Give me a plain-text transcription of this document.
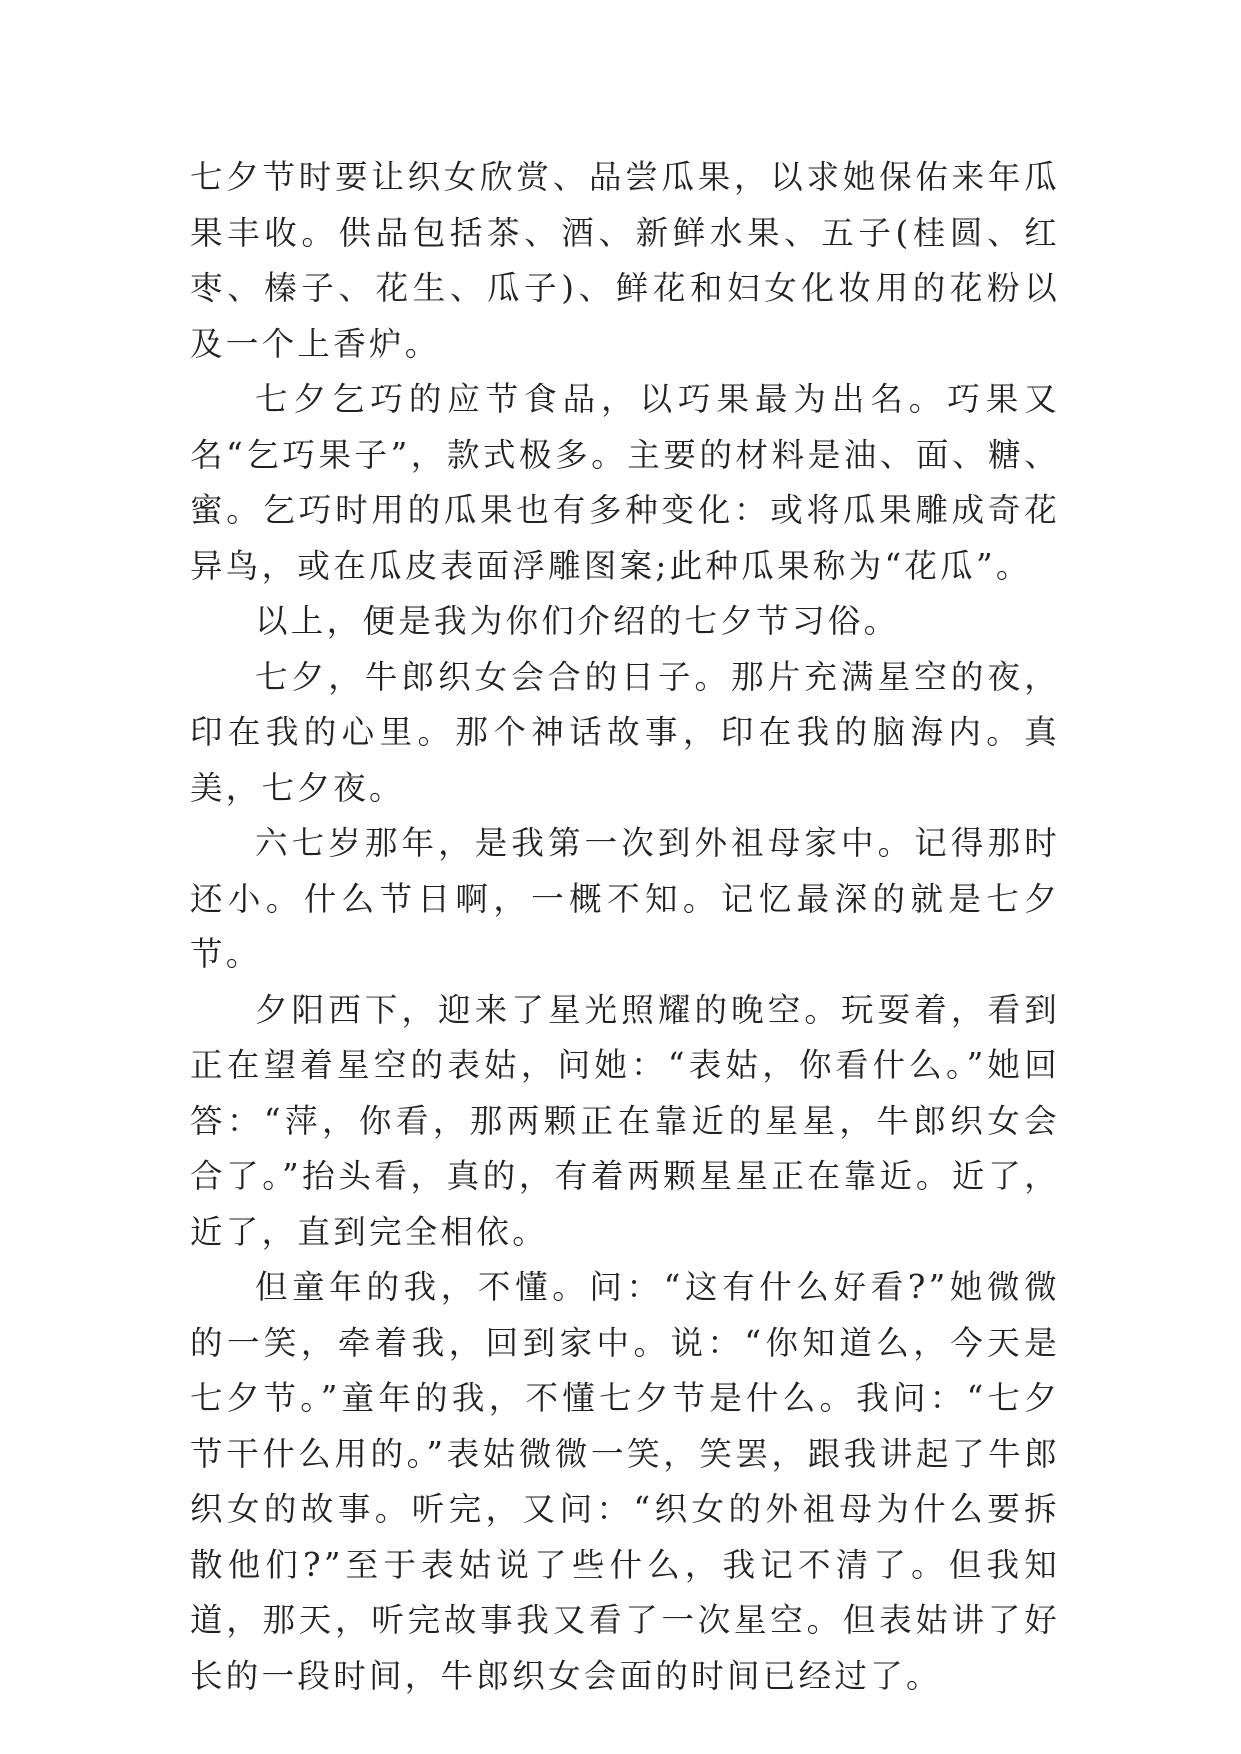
七夕节时要让织女欣赏、品尝瓜果，以求她保佑来年瓜果丰收。供品包括茶、酒、新鲜水果、五子(桂圆、红枣、榛子、花生、瓜子)、鲜花和妇女化妆用的花粉以及一个上香炉。

七夕乞巧的应节食品，以巧果最为出名。巧果又名“乞巧果子”，款式极多。主要的材料是油、面、糖、蜜。乞巧时用的瓜果也有多种变化：或将瓜果雕成奇花异鸟，或在瓜皮表面浮雕图案;此种瓜果称为“花瓜”。

以上，便是我为你们介绍的七夕节习俗。

七夕，牛郎织女会合的日子。那片充满星空的夜，印在我的心里。那个神话故事，印在我的脑海内。真美，七夕夜。

六七岁那年，是我第一次到外祖母家中。记得那时还小。什么节日啊，一概不知。记忆最深的就是七夕节。

夕阳西下，迎来了星光照耀的晚空。玩耍着，看到正在望着星空的表姑，问她：“表姑，你看什么。”她回答：“萍，你看，那两颗正在靠近的星星，牛郎织女会合了。”抬头看，真的，有着两颗星星正在靠近。近了，近了，直到完全相依。

但童年的我，不懂。问：“这有什么好看?”她微微的一笑，牵着我，回到家中。说：“你知道么，今天是七夕节。”童年的我，不懂七夕节是什么。我问：“七夕节干什么用的。”表姑微微一笑，笑罢，跟我讲起了牛郎织女的故事。听完，又问：“织女的外祖母为什么要拆散他们?”至于表姑说了些什么，我记不清了。但我知道，那天，听完故事我又看了一次星空。但表姑讲了好长的一段时间，牛郎织女会面的时间已经过了。
